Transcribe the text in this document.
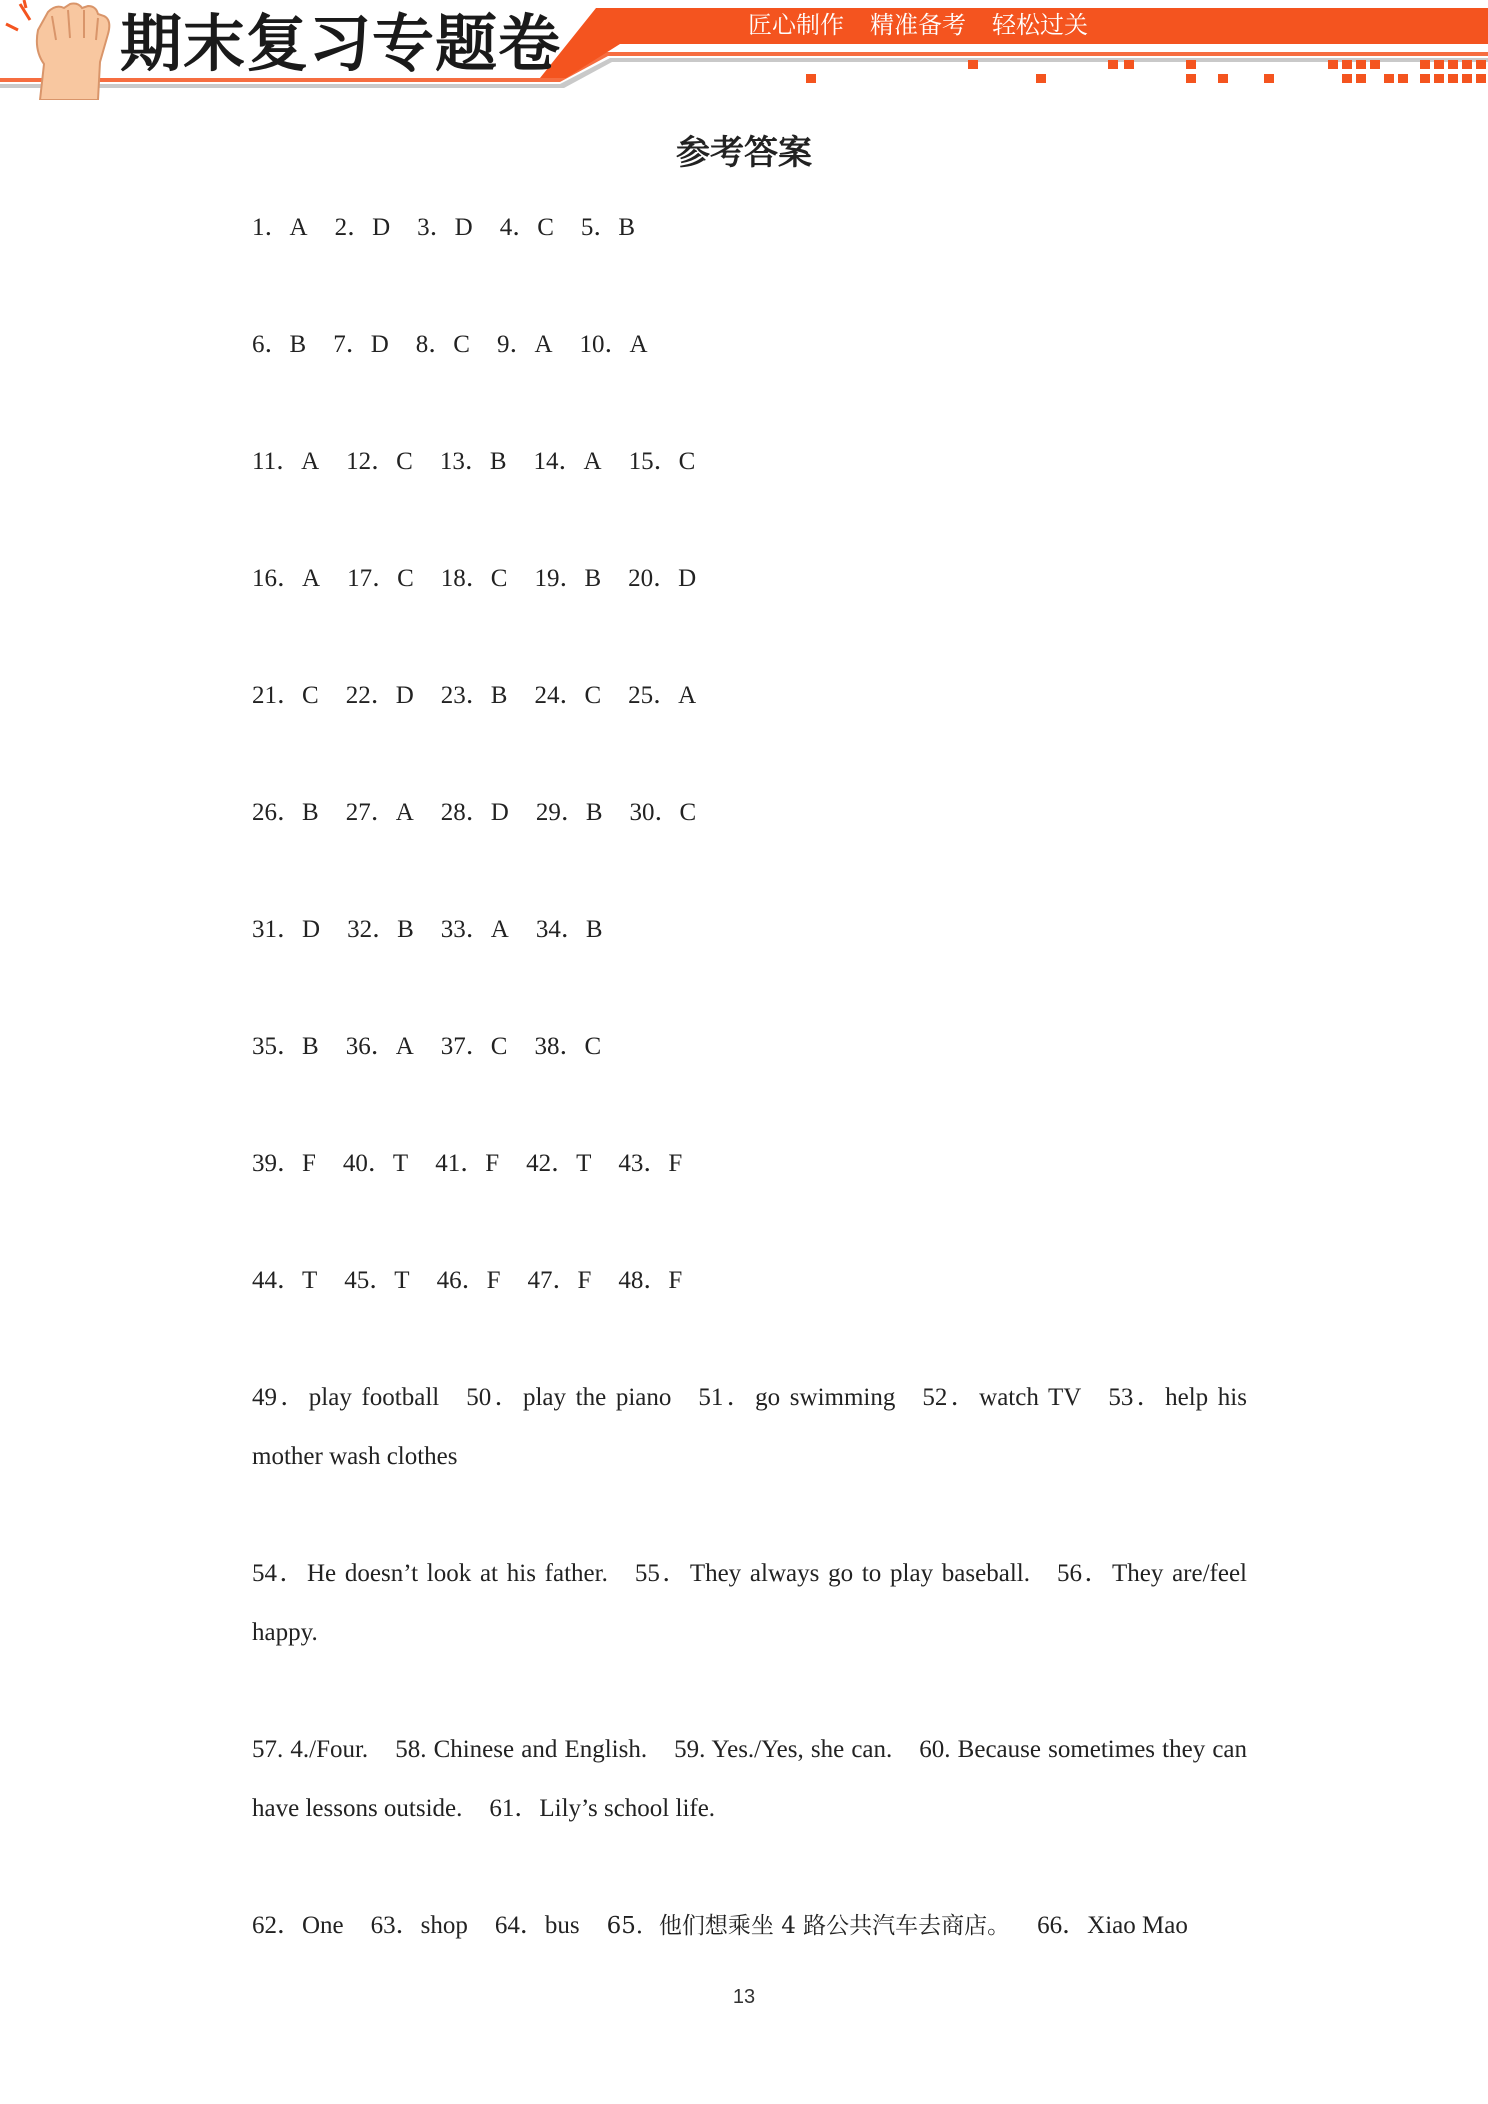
期末复习专题卷	匠心制作 精准备考 轻松过关
参考答案
1．A 2．D 3．D 4．C 5．B
6．B 7．D 8．C 9．A 10．A
11．A 12．C 13．B 14．A 15．C
16．A 17．C 18．C 19．B 20．D
21．C 22．D 23．B 24．C 25．A
26．B 27．A 28．D 29．B 30．C
31．D 32．B 33．A 34．B
35．B 36．A 37．C 38．C
39．F 40．T 41．F 42．T 43．F
44．T 45．T 46．F 47．F 48．F
49．play football 50．play the piano 51．go swimming 52．watch TV 53．help his mother wash clothes
54．He doesn’t look at his father. 55．They always go to play baseball. 56．They are/feel happy.
57. 4./Four. 58. Chinese and English. 59. Yes./Yes, she can. 60. Because sometimes they can have lessons outside. 61．Lily’s school life.
62．One 63．shop 64．bus 65．他们想乘坐 4 路公共汽车去商店。 66．Xiao Mao
13
